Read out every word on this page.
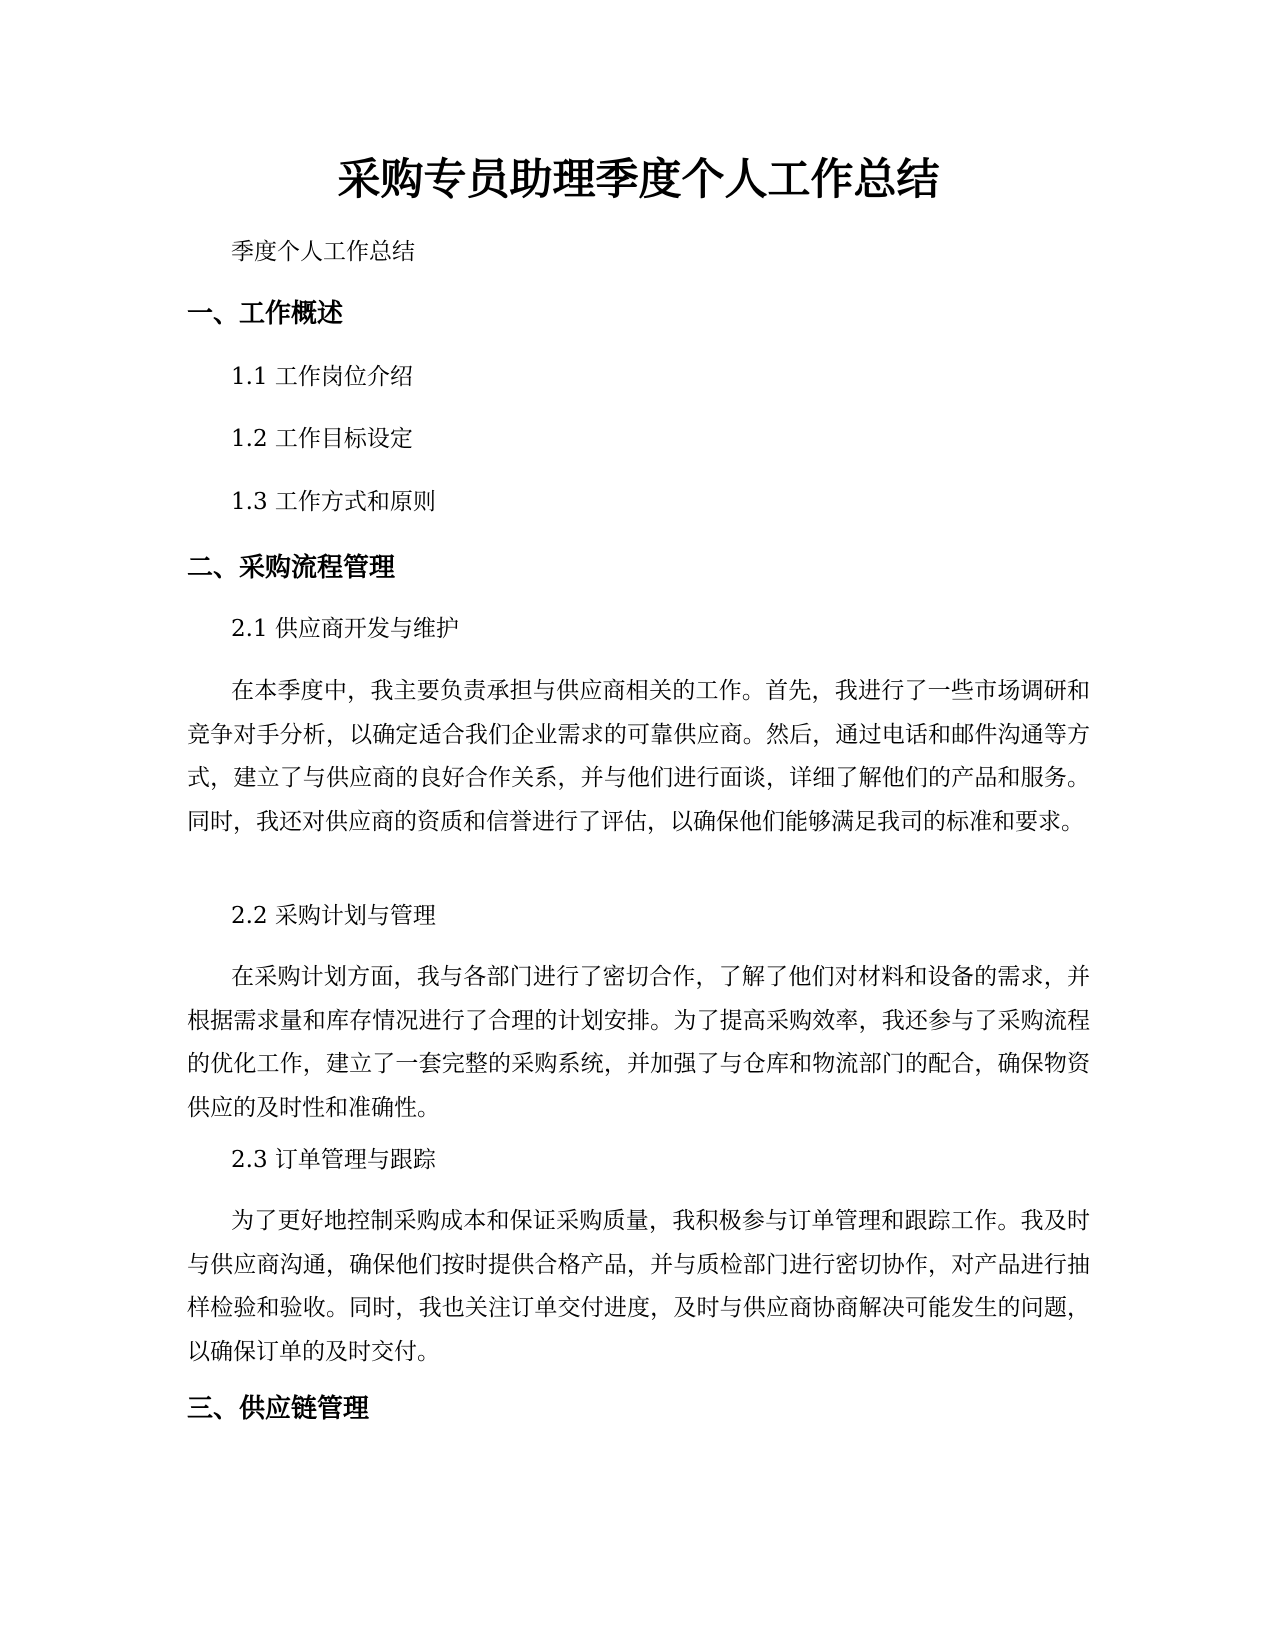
采购专员助理季度个人工作总结

季度个人工作总结

一、工作概述

1.1 工作岗位介绍

1.2 工作目标设定

1.3 工作方式和原则

二、采购流程管理

2.1 供应商开发与维护

在本季度中，我主要负责承担与供应商相关的工作。首先，我进行了一些市场调研和竞争对手分析，以确定适合我们企业需求的可靠供应商。然后，通过电话和邮件沟通等方式，建立了与供应商的良好合作关系，并与他们进行面谈，详细了解他们的产品和服务。同时，我还对供应商的资质和信誉进行了评估，以确保他们能够满足我司的标准和要求。

2.2 采购计划与管理

在采购计划方面，我与各部门进行了密切合作，了解了他们对材料和设备的需求，并根据需求量和库存情况进行了合理的计划安排。为了提高采购效率，我还参与了采购流程的优化工作，建立了一套完整的采购系统，并加强了与仓库和物流部门的配合，确保物资供应的及时性和准确性。

2.3 订单管理与跟踪

为了更好地控制采购成本和保证采购质量，我积极参与订单管理和跟踪工作。我及时与供应商沟通，确保他们按时提供合格产品，并与质检部门进行密切协作，对产品进行抽样检验和验收。同时，我也关注订单交付进度，及时与供应商协商解决可能发生的问题，以确保订单的及时交付。

三、供应链管理
